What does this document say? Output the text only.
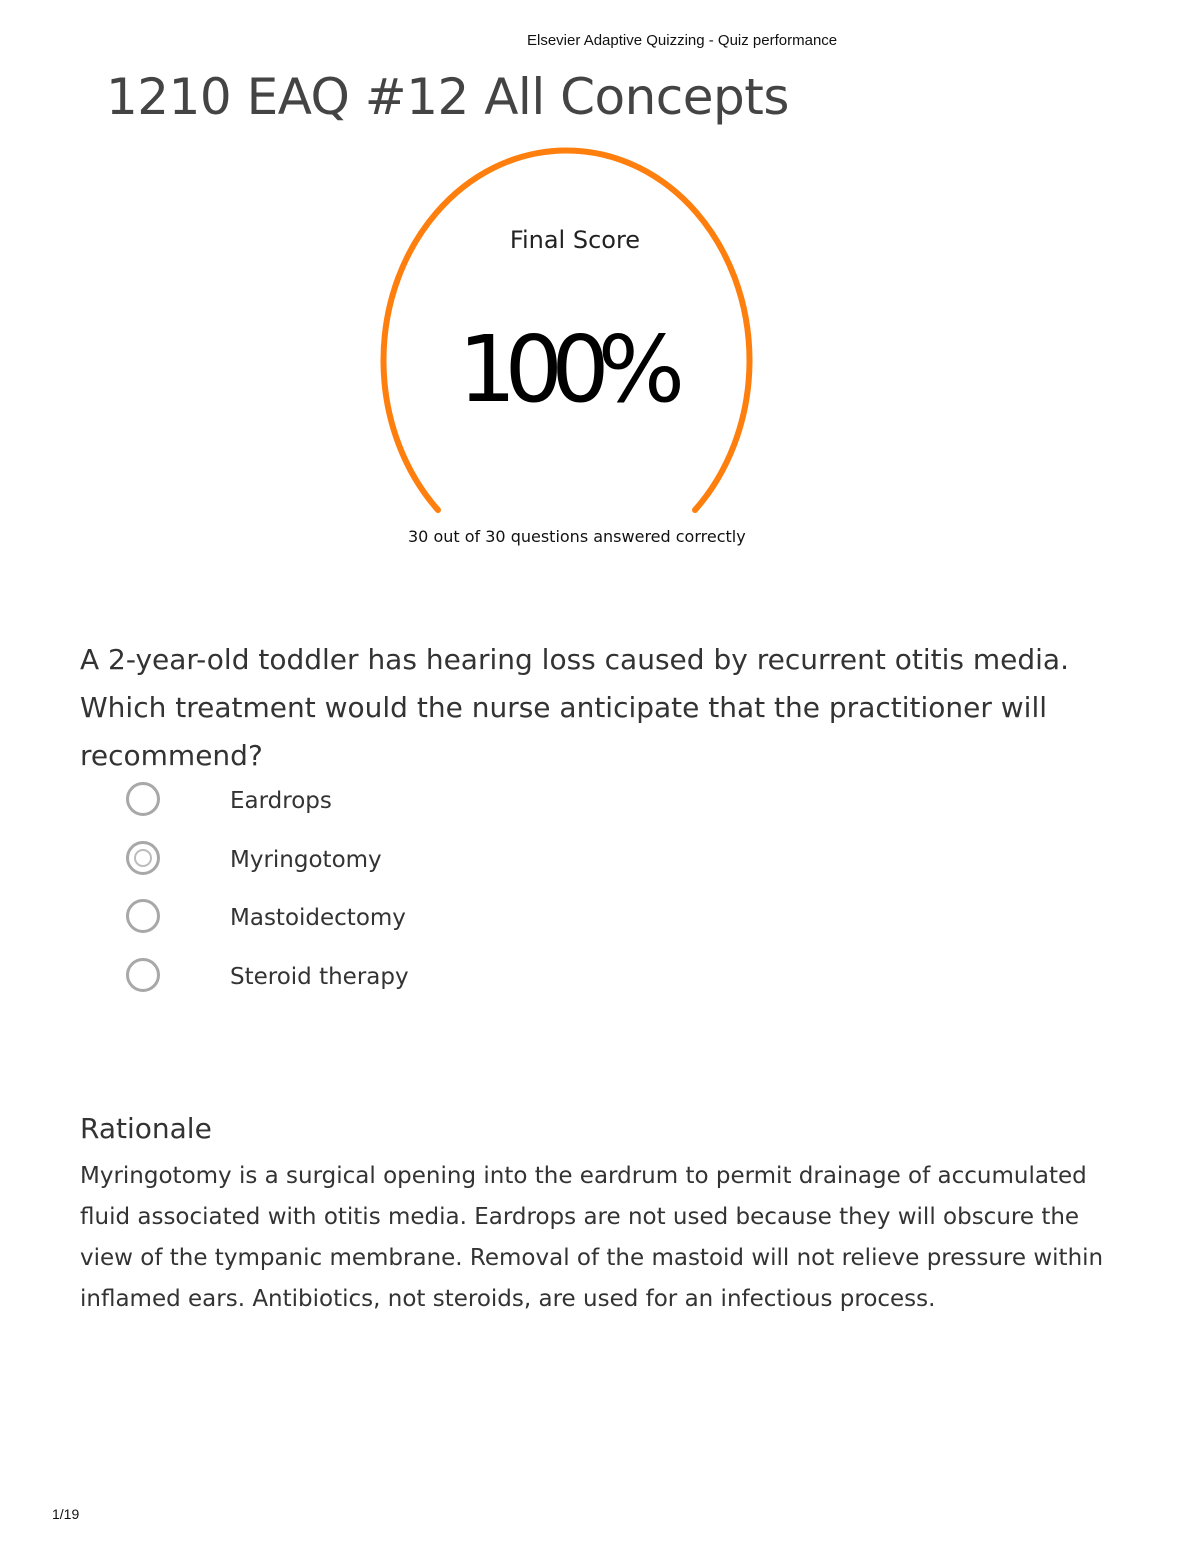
Elsevier Adaptive Quizzing - Quiz performance
1210 EAQ #12 All Concepts
Final Score
100%
30 out of 30 questions answered correctly

A 2-year-old toddler has hearing loss caused by recurrent otitis media. Which treatment would the nurse anticipate that the practitioner will recommend?

Eardrops
Myringotomy
Mastoidectomy
Steroid therapy
Rationale

Myringotomy is a surgical opening into the eardrum to permit drainage of accumulated fluid associated with otitis media. Eardrops are not used because they will obscure the view of the tympanic membrane. Removal of the mastoid will not relieve pressure within inflamed ears. Antibiotics, not steroids, are used for an infectious process.

1/19
